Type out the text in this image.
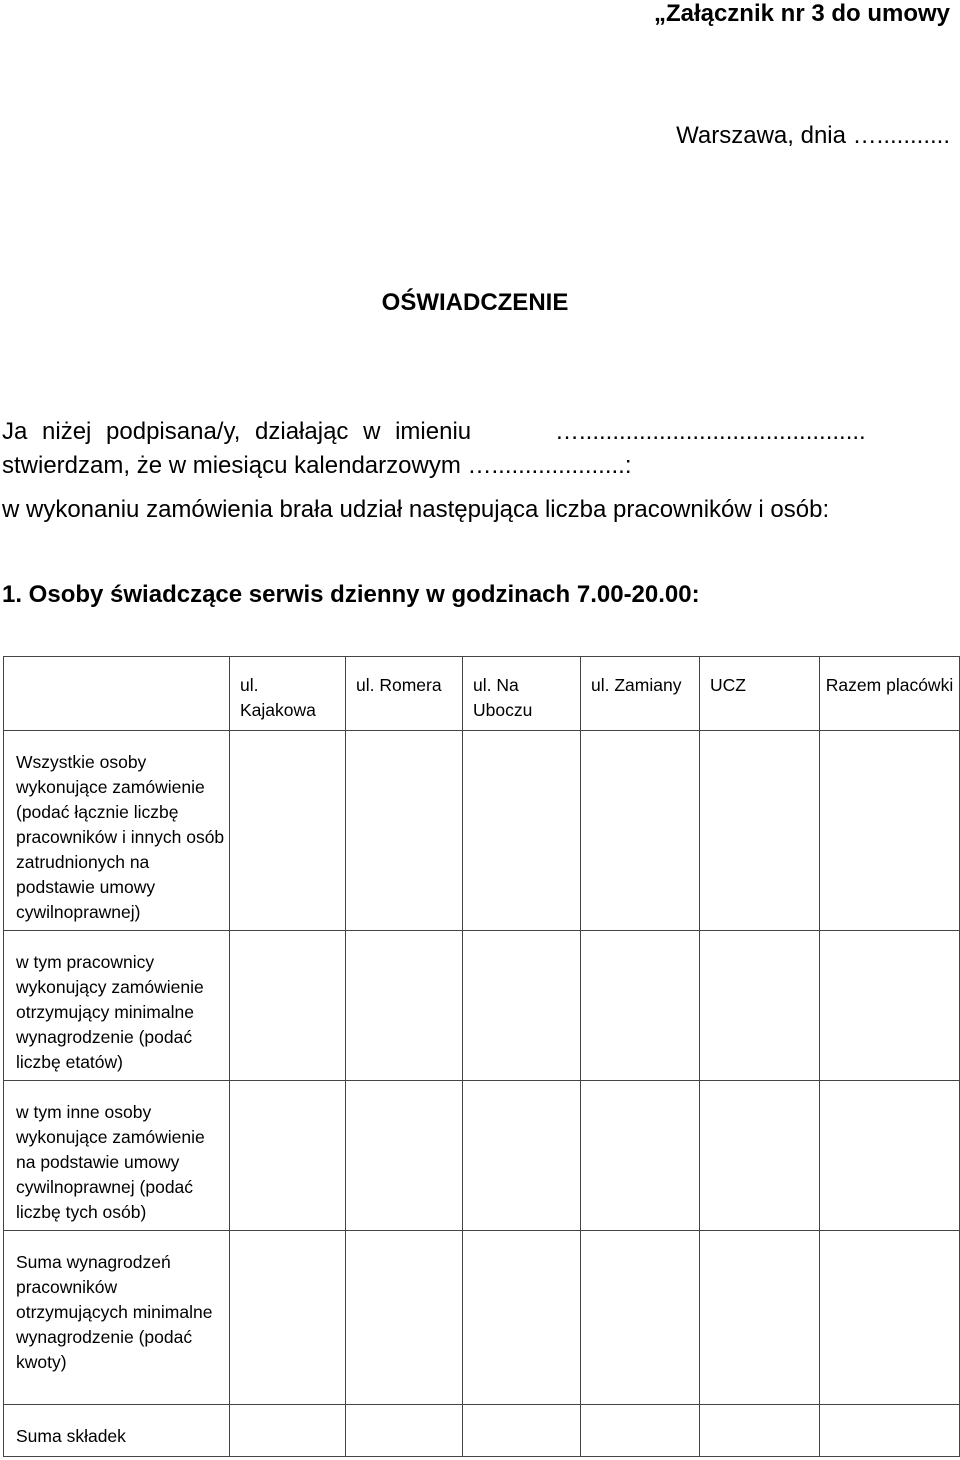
„Załącznik nr 3 do umowy
Warszawa, dnia …...........
OŚWIADCZENIE
Ja niżej podpisana/y, działając w imieniu	…...........................................
stwierdzam, że w miesiącu kalendarzowym …....................:
w wykonaniu zamówienia brała udział następująca liczba pracowników i osób:
1. Osoby świadczące serwis dzienny w godzinach 7.00-20.00:
	ul. Kajakowa	ul. Romera	ul. Na Uboczu	ul. Zamiany	UCZ	Razem placówki
Wszystkie osoby wykonujące zamówienie (podać łącznie liczbę pracowników i innych osób zatrudnionych na podstawie umowy cywilnoprawnej)						
w tym pracownicy wykonujący zamówienie otrzymujący minimalne wynagrodzenie (podać liczbę etatów)						
w tym inne osoby wykonujące zamówienie na podstawie umowy cywilnoprawnej (podać liczbę tych osób)						
Suma wynagrodzeń pracowników otrzymujących minimalne wynagrodzenie (podać kwoty)						
Suma składek						
